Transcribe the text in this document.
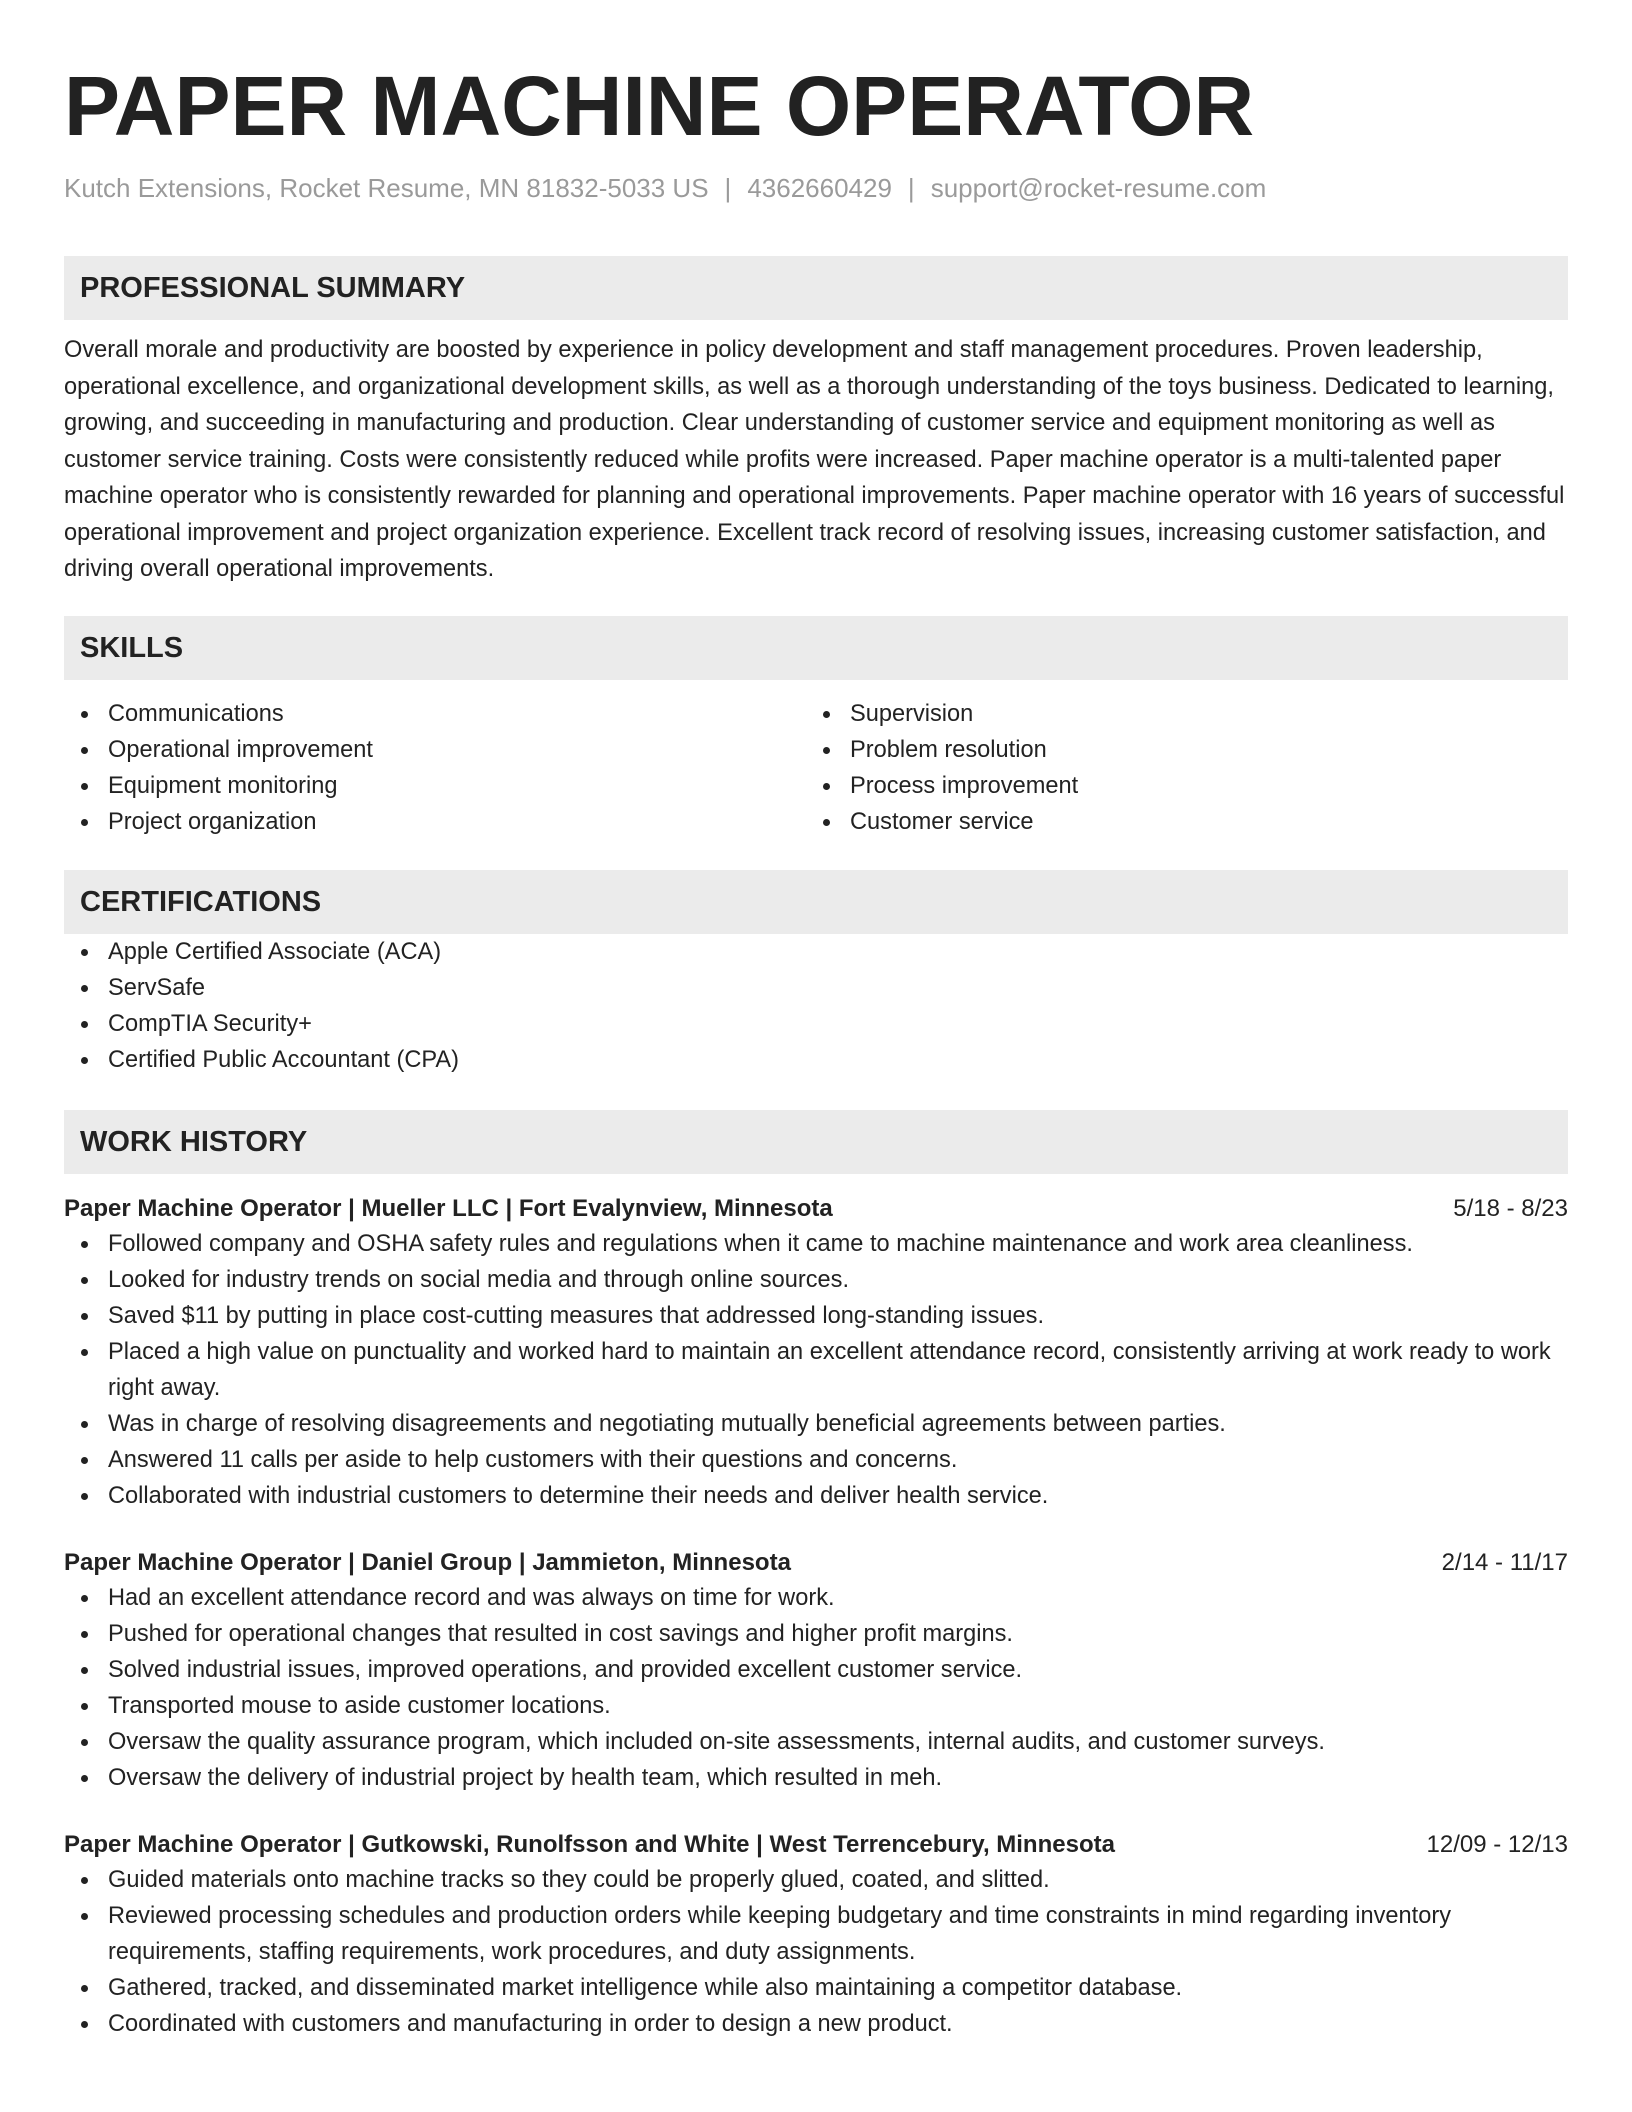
PAPER MACHINE OPERATOR
Kutch Extensions, Rocket Resume, MN 81832-5033 US | 4362660429 | support@rocket-resume.com
PROFESSIONAL SUMMARY
Overall morale and productivity are boosted by experience in policy development and staff management procedures. Proven leadership, operational excellence, and organizational development skills, as well as a thorough understanding of the toys business. Dedicated to learning, growing, and succeeding in manufacturing and production. Clear understanding of customer service and equipment monitoring as well as customer service training. Costs were consistently reduced while profits were increased. Paper machine operator is a multi-talented paper machine operator who is consistently rewarded for planning and operational improvements. Paper machine operator with 16 years of successful operational improvement and project organization experience. Excellent track record of resolving issues, increasing customer satisfaction, and driving overall operational improvements.
SKILLS
Communications
Operational improvement
Equipment monitoring
Project organization
Supervision
Problem resolution
Process improvement
Customer service
CERTIFICATIONS
Apple Certified Associate (ACA)
ServSafe
CompTIA Security+
Certified Public Accountant (CPA)
WORK HISTORY
Paper Machine Operator | Mueller LLC | Fort Evalynview, Minnesota	5/18 - 8/23
Followed company and OSHA safety rules and regulations when it came to machine maintenance and work area cleanliness.
Looked for industry trends on social media and through online sources.
Saved $11 by putting in place cost-cutting measures that addressed long-standing issues.
Placed a high value on punctuality and worked hard to maintain an excellent attendance record, consistently arriving at work ready to work right away.
Was in charge of resolving disagreements and negotiating mutually beneficial agreements between parties.
Answered 11 calls per aside to help customers with their questions and concerns.
Collaborated with industrial customers to determine their needs and deliver health service.
Paper Machine Operator | Daniel Group | Jammieton, Minnesota	2/14 - 11/17
Had an excellent attendance record and was always on time for work.
Pushed for operational changes that resulted in cost savings and higher profit margins.
Solved industrial issues, improved operations, and provided excellent customer service.
Transported mouse to aside customer locations.
Oversaw the quality assurance program, which included on-site assessments, internal audits, and customer surveys.
Oversaw the delivery of industrial project by health team, which resulted in meh.
Paper Machine Operator | Gutkowski, Runolfsson and White | West Terrencebury, Minnesota	12/09 - 12/13
Guided materials onto machine tracks so they could be properly glued, coated, and slitted.
Reviewed processing schedules and production orders while keeping budgetary and time constraints in mind regarding inventory requirements, staffing requirements, work procedures, and duty assignments.
Gathered, tracked, and disseminated market intelligence while also maintaining a competitor database.
Coordinated with customers and manufacturing in order to design a new product.
